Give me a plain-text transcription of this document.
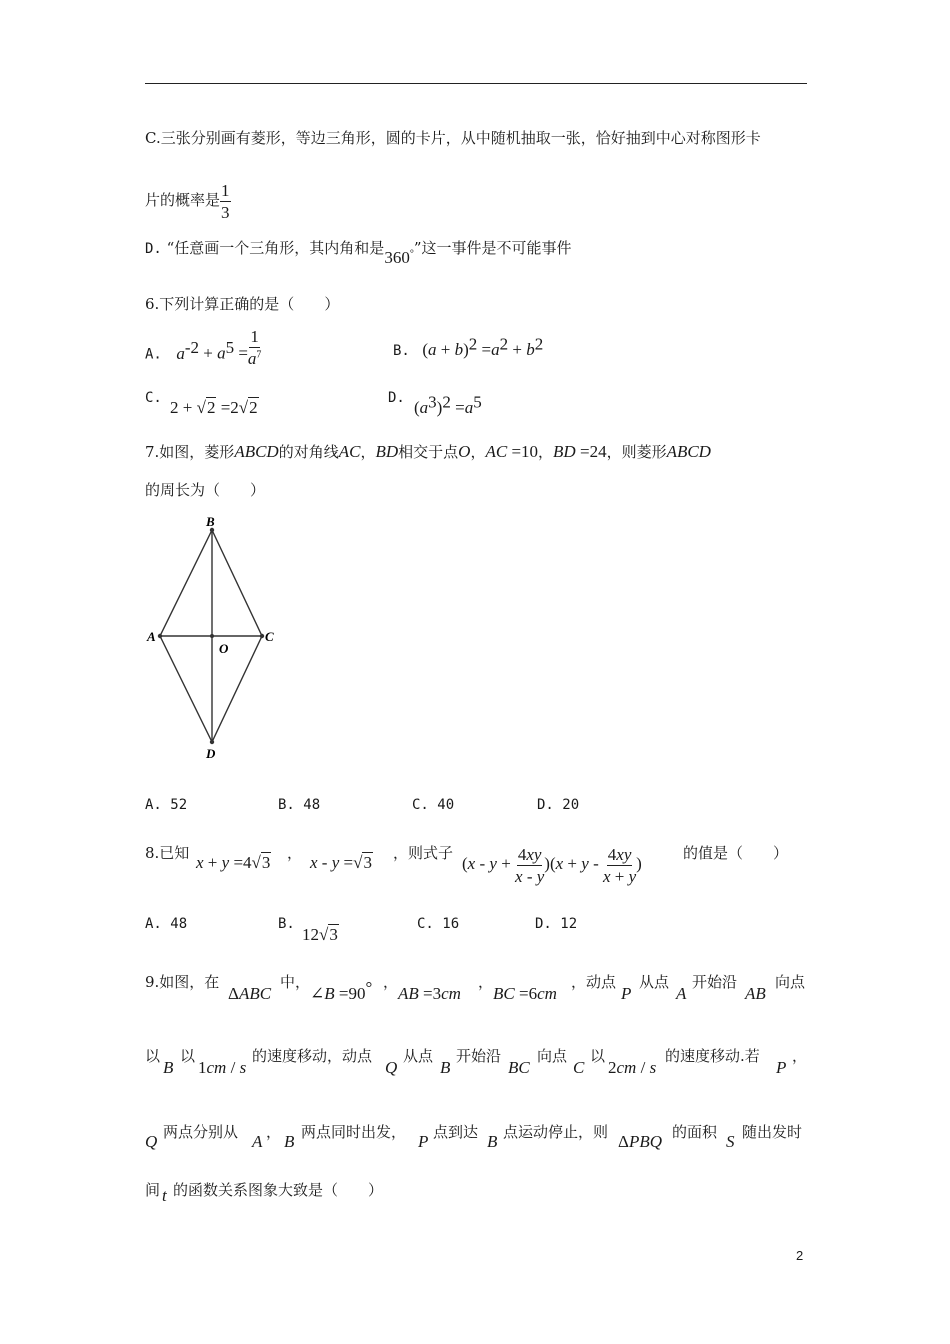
C.三张分别画有菱形，等边三角形，圆的卡片，从中随机抽取一张，恰好抽到中心对称图形卡
片的概率是 $\frac{1}{3}$
D. “任意画一个三角形，其内角和是360°”这一事件是不可能事件
6.下列计算正确的是（　　）
A. $a^{-2} + a^5 = \frac{1}{a^7}$	B. $(a + b)^2 =a^2 + b^2$
C. 2 + √2 =2√2	D. $(a^3)^2 =a^5$
7.如图，菱形ABCD的对角线AC，BD相交于点O，AC =10，BD =24，则菱形ABCD
的周长为（　　）
B
A
O
C
D
A. 52	B. 48	C. 40	D. 20
8.已知 x + y =4√3 ， x - y =√3 ，则式子
$(x - y + \frac{4xy}{x - y} )(x + y - \frac{4xy}{x + y}$ )
的值是（　　）
A. 48	B.
12√3
C. 16	D. 12
9.如图，在
ΔABC
中，
∠B =90° ，
AB =3cm
，
BC =6cm
，动点
P
从点
A
开始沿
AB
向点
以
B
以
1cm / s
的速度移动，动点
Q
从点
B
开始沿
BC
向点
C
以
2cm / s
的速度移动.若
P
，
Q 两点分别从 A ， B 两点同时出发， P 点到达 B 点运动停止，则 ΔPBQ 的面积 S 随出发时
间 t 的函数关系图象大致是（　　）
2
